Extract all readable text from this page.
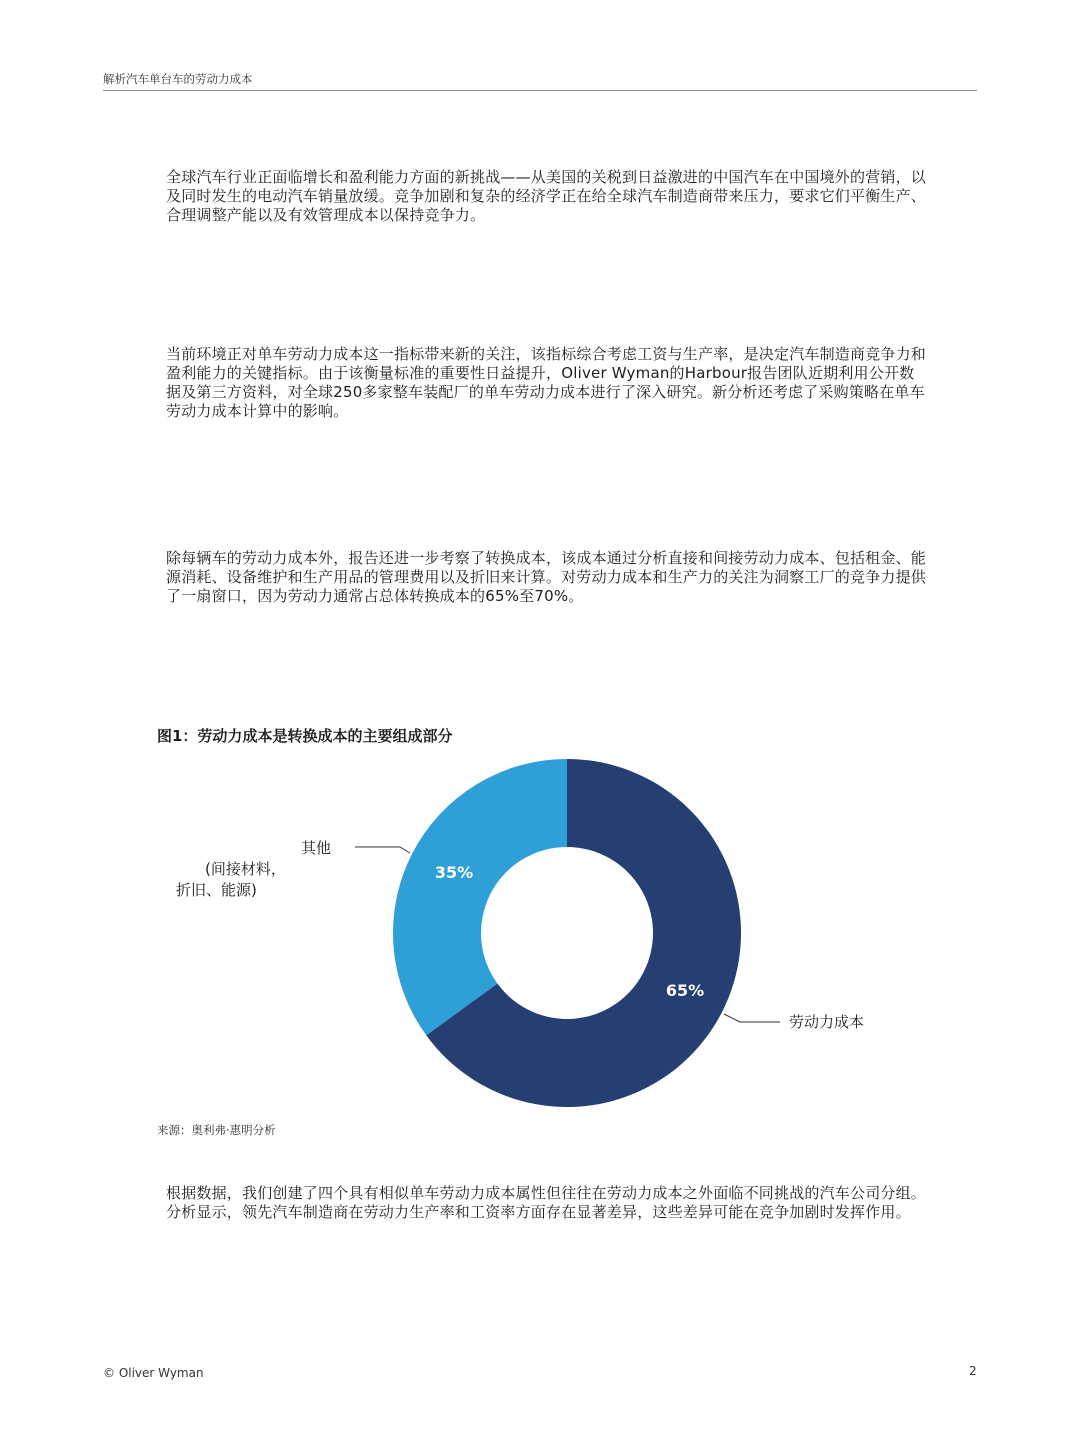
解析汽车单台车的劳动力成本

全球汽车行业正面临增长和盈利能力方面的新挑战——从美国的关税到日益激进的中国汽车在中国境外的营销，以及同时发生的电动汽车销量放缓。竞争加剧和复杂的经济学正在给全球汽车制造商带来压力，要求它们平衡生产、合理调整产能以及有效管理成本以保持竞争力。

当前环境正对单车劳动力成本这一指标带来新的关注，该指标综合考虑工资与生产率，是决定汽车制造商竞争力和盈利能力的关键指标。由于该衡量标准的重要性日益提升，Oliver Wyman的Harbour报告团队近期利用公开数据及第三方资料，对全球250多家整车装配厂的单车劳动力成本进行了深入研究。新分析还考虑了采购策略在单车劳动力成本计算中的影响。

除每辆车的劳动力成本外，报告还进一步考察了转换成本，该成本通过分析直接和间接劳动力成本、包括租金、能源消耗、设备维护和生产用品的管理费用以及折旧来计算。对劳动力成本和生产力的关注为洞察工厂的竞争力提供了一扇窗口，因为劳动力通常占总体转换成本的65%至70%。

图1：劳动力成本是转换成本的主要组成部分
65%
35%
其他
(间接材料，
折旧、能源)
劳动力成本
来源：奥利弗·惠明分析

根据数据，我们创建了四个具有相似单车劳动力成本属性但往往在劳动力成本之外面临不同挑战的汽车公司分组。分析显示，领先汽车制造商在劳动力生产率和工资率方面存在显著差异，这些差异可能在竞争加剧时发挥作用。

© Oliver Wyman	2
